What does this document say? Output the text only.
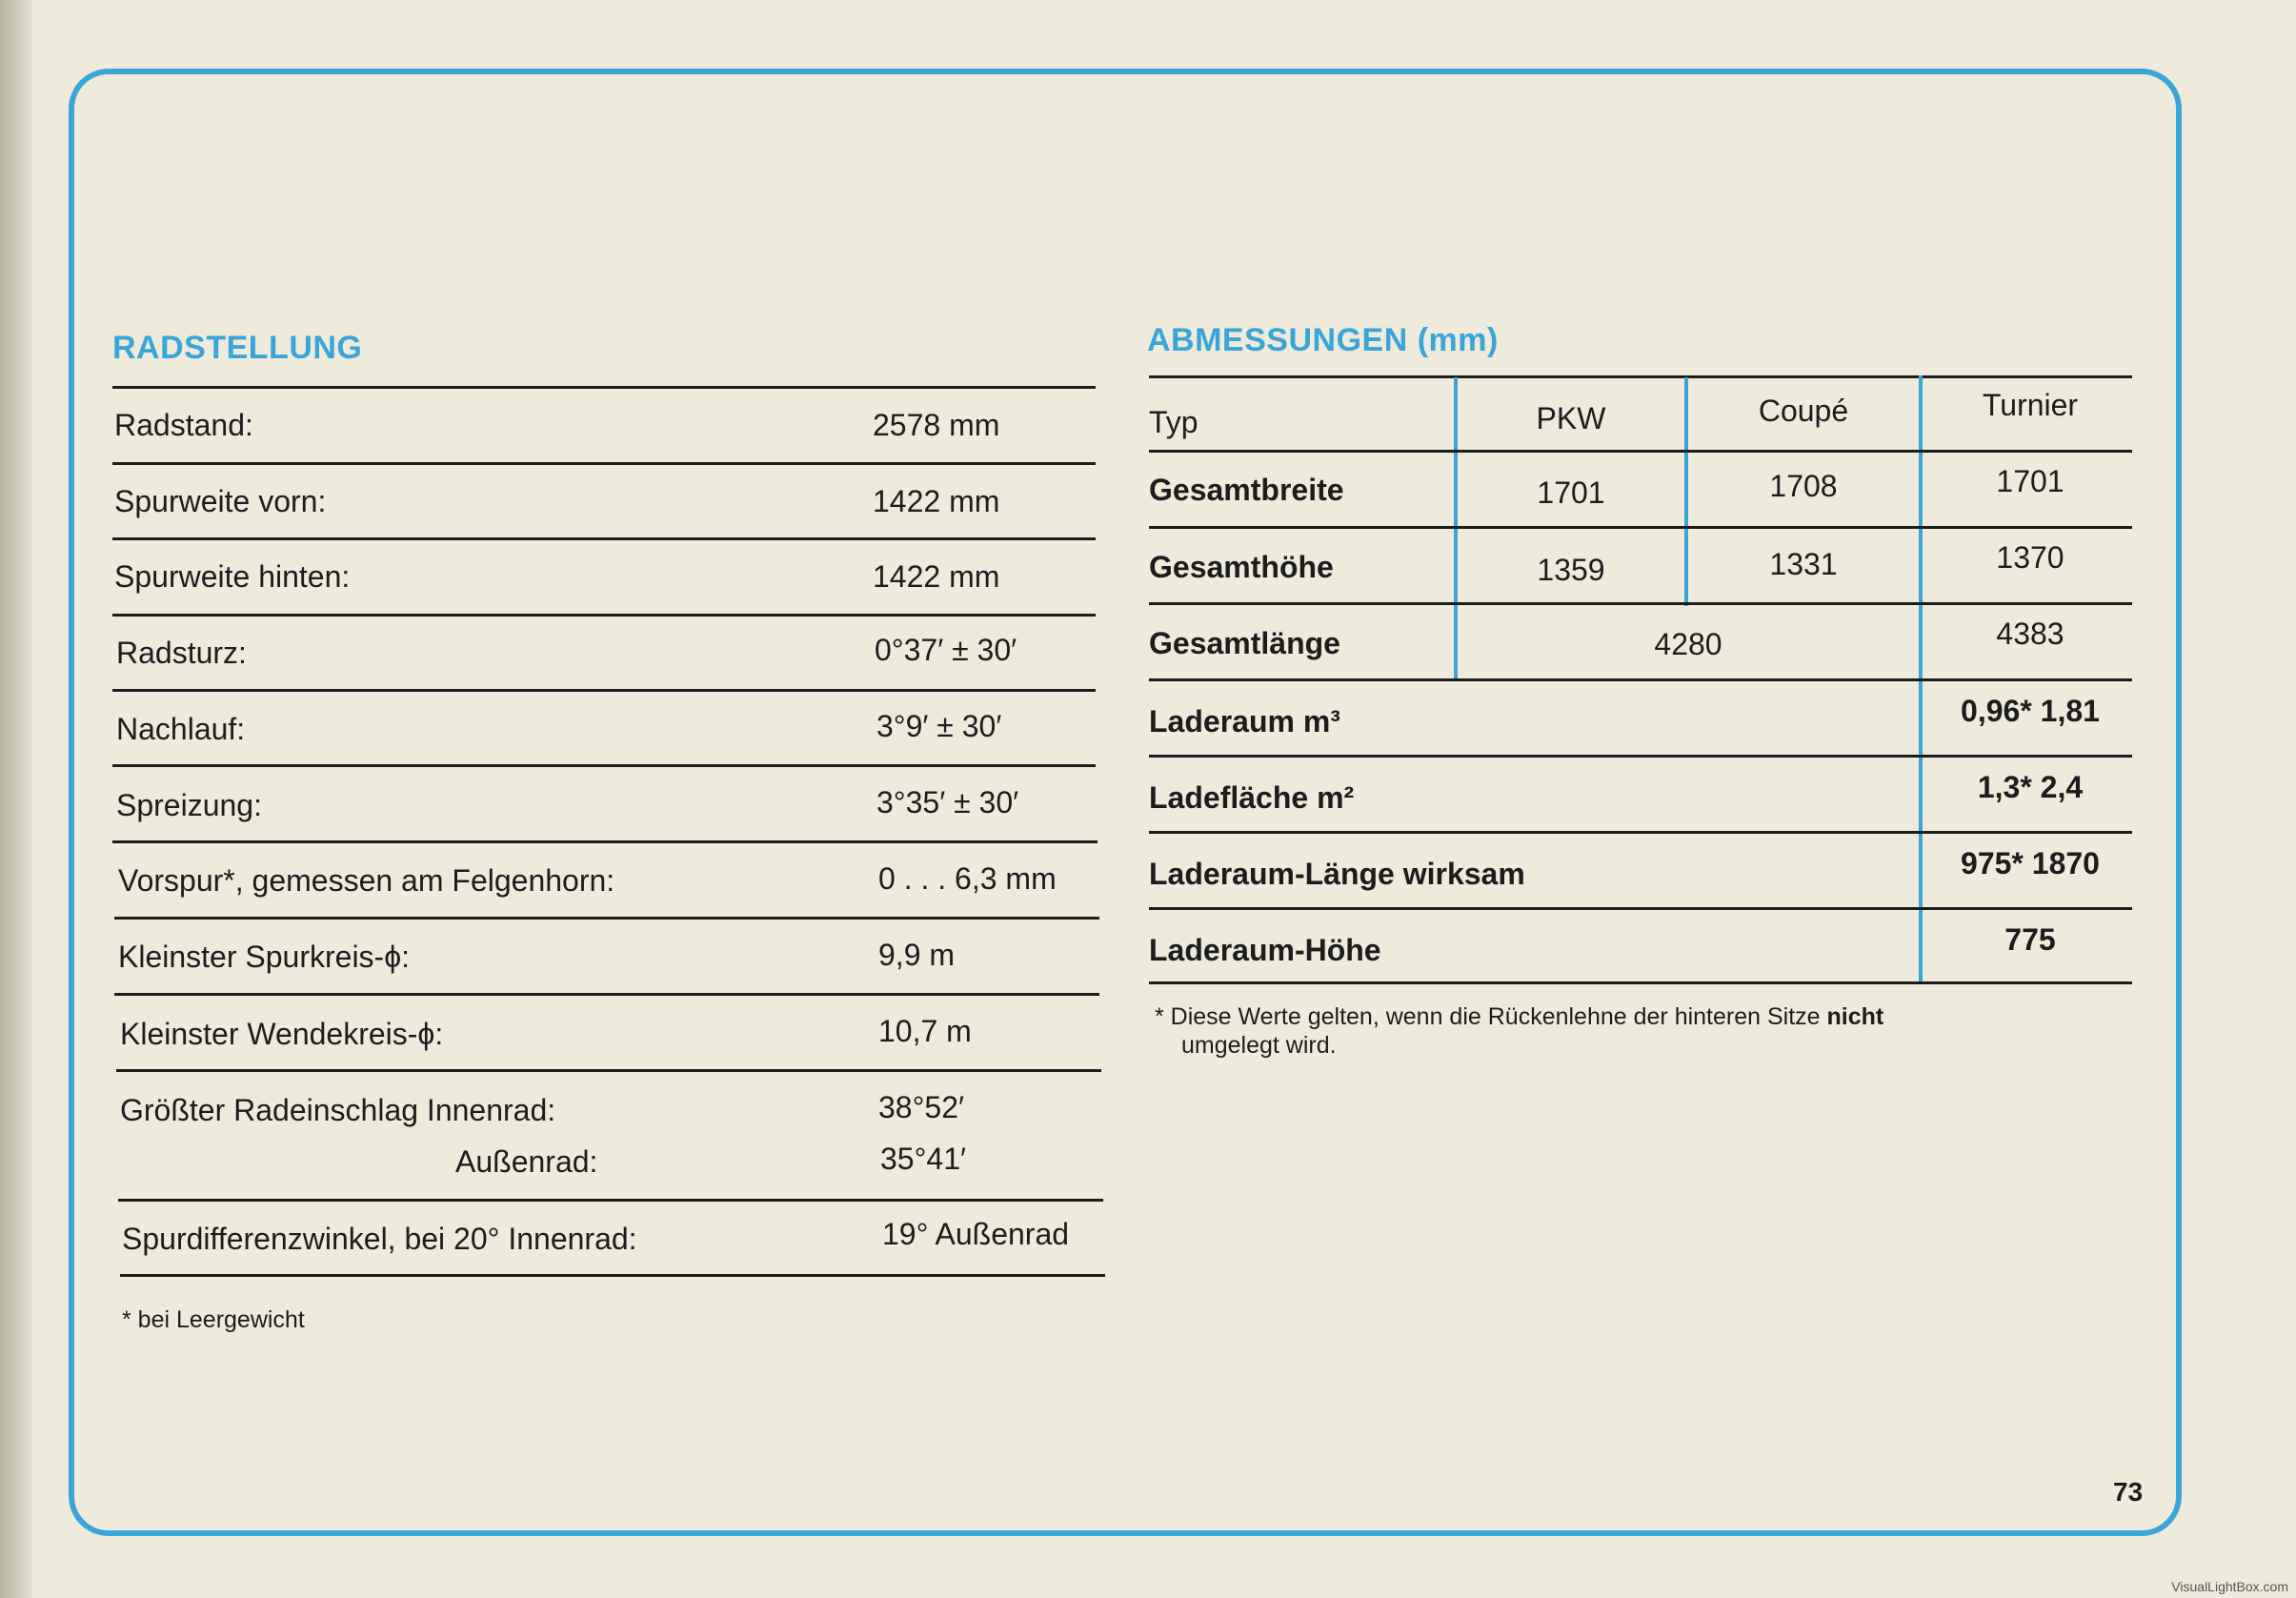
RADSTELLUNG
Radstand:	2578 mm
Spurweite vorn:	1422 mm
Spurweite hinten:	1422 mm
Radsturz:	0°37′ ± 30′
Nachlauf:	3°9′ ± 30′
Spreizung:	3°35′ ± 30′
Vorspur*, gemessen am Felgenhorn:	0 . . . 6,3 mm
Kleinster Spurkreis-ϕ:	9,9 m
Kleinster Wendekreis-ϕ:	10,7 m
Größter Radeinschlag Innenrad:	38°52′
Außenrad:	35°41′
Spurdifferenzwinkel, bei 20° Innenrad:	19° Außenrad
* bei Leergewicht
ABMESSUNGEN (mm)
Typ	PKW	Coupé	Turnier
Gesamtbreite	1701	1708	1701
Gesamthöhe	1359	1331	1370
Gesamtlänge	4280	4383
Laderaum m³	0,96* 1,81
Ladefläche m²	1,3* 2,4
Laderaum-Länge wirksam	975* 1870
Laderaum-Höhe	775
* Diese Werte gelten, wenn die Rückenlehne der hinteren Sitze nicht
umgelegt wird.
73
VisualLightBox.com
